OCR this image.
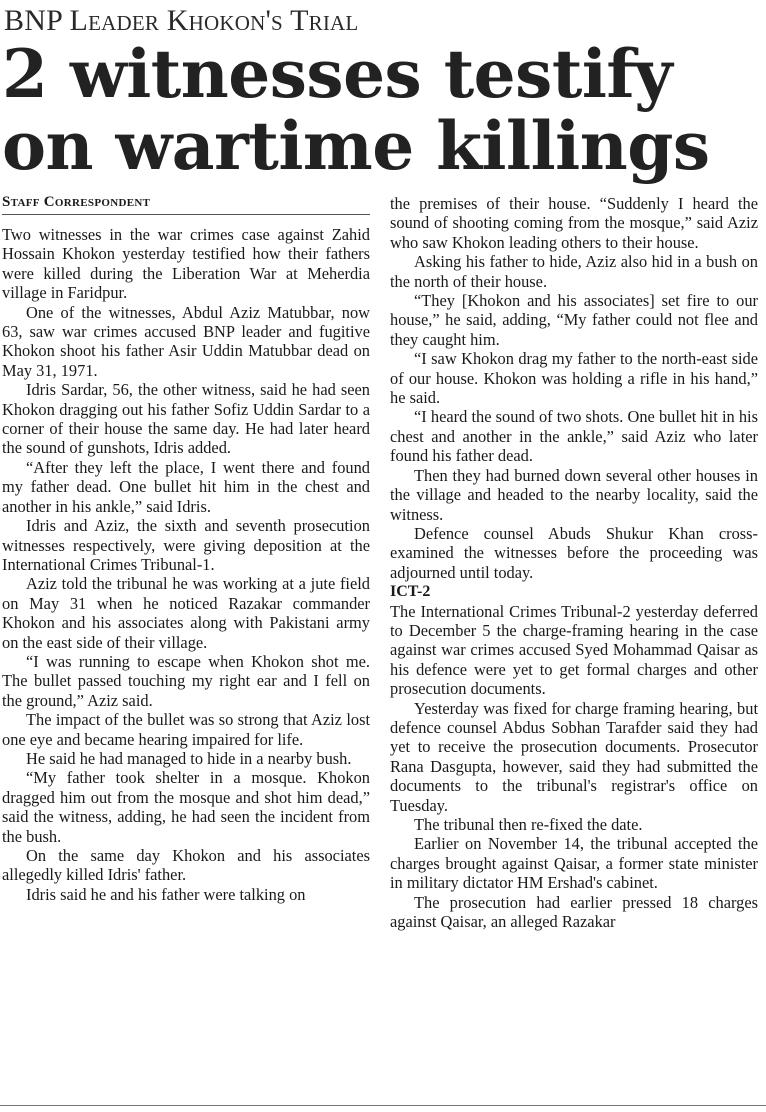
BNP Leader Khokon's Trial
2 witnesses testify
on wartime killings
Staff Correspondent

Two witnesses in the war crimes case against Zahid Hossain Khokon yesterday testified how their fathers were killed during the Liberation War at Meherdia village in Faridpur.

One of the witnesses, Abdul Aziz Matubbar, now 63, saw war crimes accused BNP leader and fugitive Khokon shoot his father Asir Uddin Matubbar dead on May 31, 1971.

Idris Sardar, 56, the other witness, said he had seen Khokon dragging out his father Sofiz Uddin Sardar to a corner of their house the same day. He had later heard the sound of gunshots, Idris added.

“After they left the place, I went there and found my father dead. One bullet hit him in the chest and another in his ankle,” said Idris.

Idris and Aziz, the sixth and seventh prosecution witnesses respectively, were giving deposition at the International Crimes Tribunal-1.

Aziz told the tribunal he was working at a jute field on May 31 when he noticed Razakar commander Khokon and his associates along with Pakistani army on the east side of their village.

“I was running to escape when Khokon shot me. The bullet passed touching my right ear and I fell on the ground,” Aziz said.

The impact of the bullet was so strong that Aziz lost one eye and became hearing impaired for life.

He said he had managed to hide in a nearby bush.

“My father took shelter in a mosque. Khokon dragged him out from the mosque and shot him dead,” said the witness, adding, he had seen the incident from the bush.

On the same day Khokon and his associates allegedly killed Idris' father.

Idris said he and his father were talking on

the premises of their house. “Suddenly I heard the sound of shooting coming from the mosque,” said Aziz who saw Khokon leading others to their house.

Asking his father to hide, Aziz also hid in a bush on the north of their house.

“They [Khokon and his associates] set fire to our house,” he said, adding, “My father could not flee and they caught him.

“I saw Khokon drag my father to the north-east side of our house. Khokon was holding a rifle in his hand,” he said.

“I heard the sound of two shots. One bullet hit in his chest and another in the ankle,” said Aziz who later found his father dead.

Then they had burned down several other houses in the village and headed to the nearby locality, said the witness.

Defence counsel Abuds Shukur Khan cross-examined the witnesses before the proceeding was adjourned until today.

ICT-2

The International Crimes Tribunal-2 yesterday deferred to December 5 the charge-framing hearing in the case against war crimes accused Syed Mohammad Qaisar as his defence were yet to get formal charges and other prosecution documents.

Yesterday was fixed for charge framing hearing, but defence counsel Abdus Sobhan Tarafder said they had yet to receive the prosecution documents. Prosecutor Rana Dasgupta, however, said they had submitted the documents to the tribunal's registrar's office on Tuesday.

The tribunal then re-fixed the date.

Earlier on November 14, the tribunal accepted the charges brought against Qaisar, a former state minister in military dictator HM Ershad's cabinet.

The prosecution had earlier pressed 18 charges against Qaisar, an alleged Razakar
